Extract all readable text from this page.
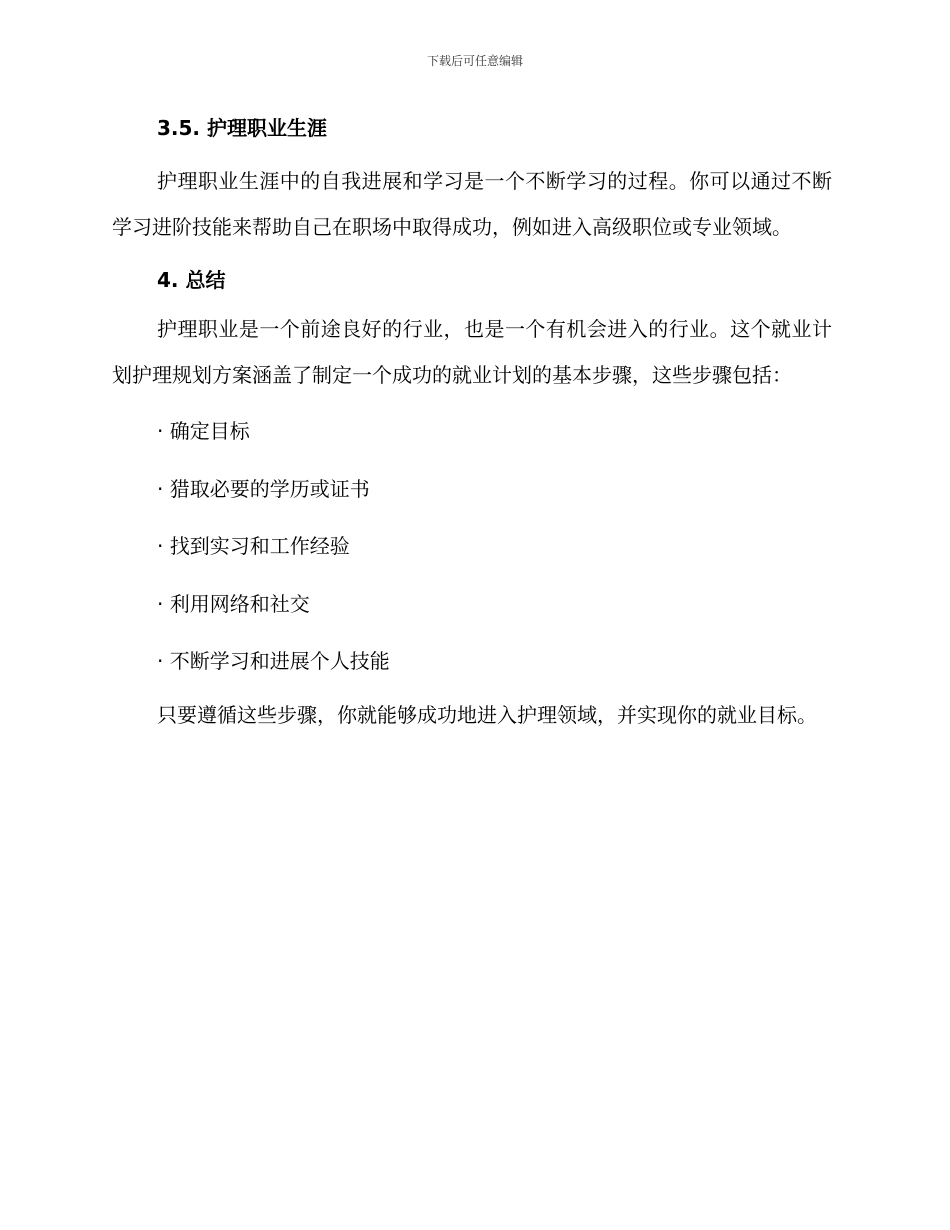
下载后可任意编辑
3.5. 护理职业生涯

护理职业生涯中的自我进展和学习是一个不断学习的过程。你可以通过不断学习进阶技能来帮助自己在职场中取得成功，例如进入高级职位或专业领域。

4. 总结

护理职业是一个前途良好的行业，也是一个有机会进入的行业。这个就业计划护理规划方案涵盖了制定一个成功的就业计划的基本步骤，这些步骤包括：

· 确定目标
· 猎取必要的学历或证书
· 找到实习和工作经验
· 利用网络和社交
· 不断学习和进展个人技能

只要遵循这些步骤，你就能够成功地进入护理领域，并实现你的就业目标。
